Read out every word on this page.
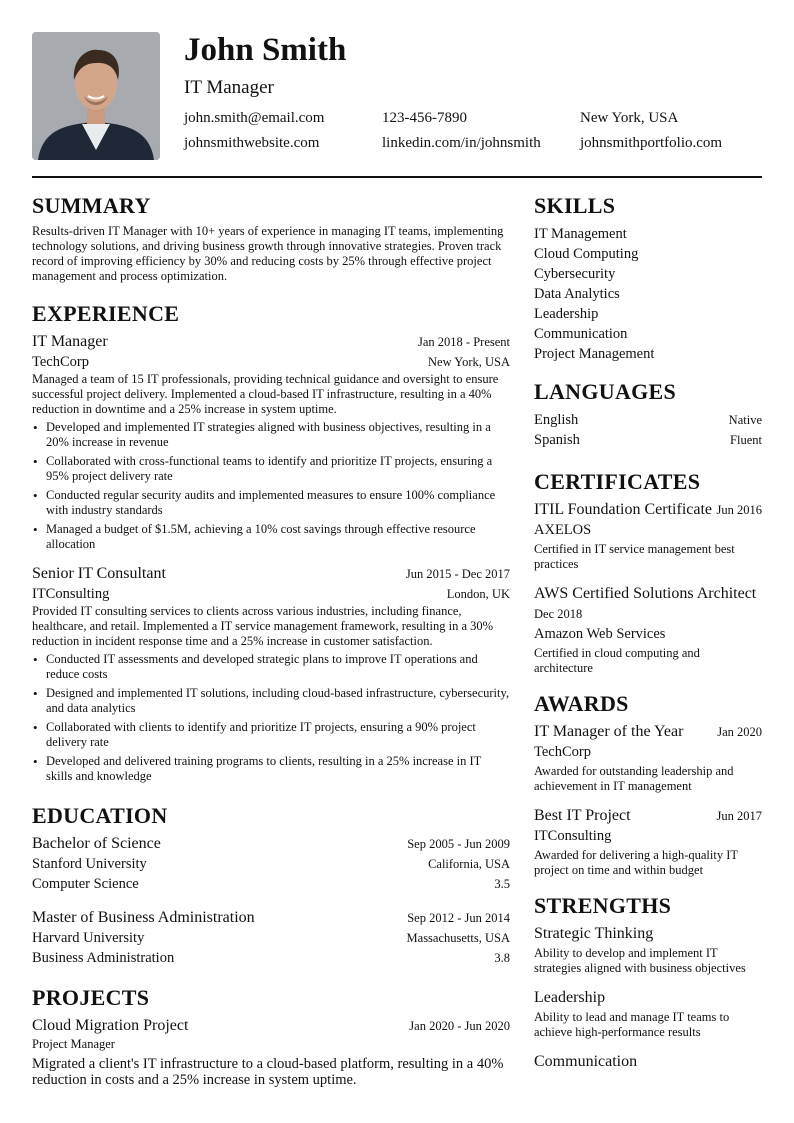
John Smith
IT Manager
john.smith@email.com	123-456-7890	New York, USA
johnsmithwebsite.com	linkedin.com/in/johnsmith	johnsmithportfolio.com
SUMMARY
Results-driven IT Manager with 10+ years of experience in managing IT teams, implementing technology solutions, and driving business growth through innovative strategies. Proven track record of improving efficiency by 30% and reducing costs by 25% through effective project management and process optimization.
EXPERIENCE
IT Manager	Jan 2018 - Present
TechCorp	New York, USA
Managed a team of 15 IT professionals, providing technical guidance and oversight to ensure successful project delivery. Implemented a cloud-based IT infrastructure, resulting in a 40% reduction in downtime and a 25% increase in system uptime.
• Developed and implemented IT strategies aligned with business objectives, resulting in a 20% increase in revenue
• Collaborated with cross-functional teams to identify and prioritize IT projects, ensuring a 95% project delivery rate
• Conducted regular security audits and implemented measures to ensure 100% compliance with industry standards
• Managed a budget of $1.5M, achieving a 10% cost savings through effective resource allocation
Senior IT Consultant	Jun 2015 - Dec 2017
ITConsulting	London, UK
Provided IT consulting services to clients across various industries, including finance, healthcare, and retail. Implemented a IT service management framework, resulting in a 30% reduction in incident response time and a 25% increase in customer satisfaction.
• Conducted IT assessments and developed strategic plans to improve IT operations and reduce costs
• Designed and implemented IT solutions, including cloud-based infrastructure, cybersecurity, and data analytics
• Collaborated with clients to identify and prioritize IT projects, ensuring a 90% project delivery rate
• Developed and delivered training programs to clients, resulting in a 25% increase in IT skills and knowledge
EDUCATION
Bachelor of Science	Sep 2005 - Jun 2009
Stanford University	California, USA
Computer Science	3.5
Master of Business Administration	Sep 2012 - Jun 2014
Harvard University	Massachusetts, USA
Business Administration	3.8
PROJECTS
Cloud Migration Project	Jan 2020 - Jun 2020
Project Manager
Migrated a client's IT infrastructure to a cloud-based platform, resulting in a 40% reduction in costs and a 25% increase in system uptime.
SKILLS
IT Management
Cloud Computing
Cybersecurity
Data Analytics
Leadership
Communication
Project Management
LANGUAGES
English	Native
Spanish	Fluent
CERTIFICATES
ITIL Foundation Certificate Jun 2016
AXELOS
Certified in IT service management best practices
AWS Certified Solutions Architect
Dec 2018
Amazon Web Services
Certified in cloud computing and architecture
AWARDS
IT Manager of the Year	Jan 2020
TechCorp
Awarded for outstanding leadership and achievement in IT management
Best IT Project	Jun 2017
ITConsulting
Awarded for delivering a high-quality IT project on time and within budget
STRENGTHS
Strategic Thinking
Ability to develop and implement IT strategies aligned with business objectives
Leadership
Ability to lead and manage IT teams to achieve high-performance results
Communication
